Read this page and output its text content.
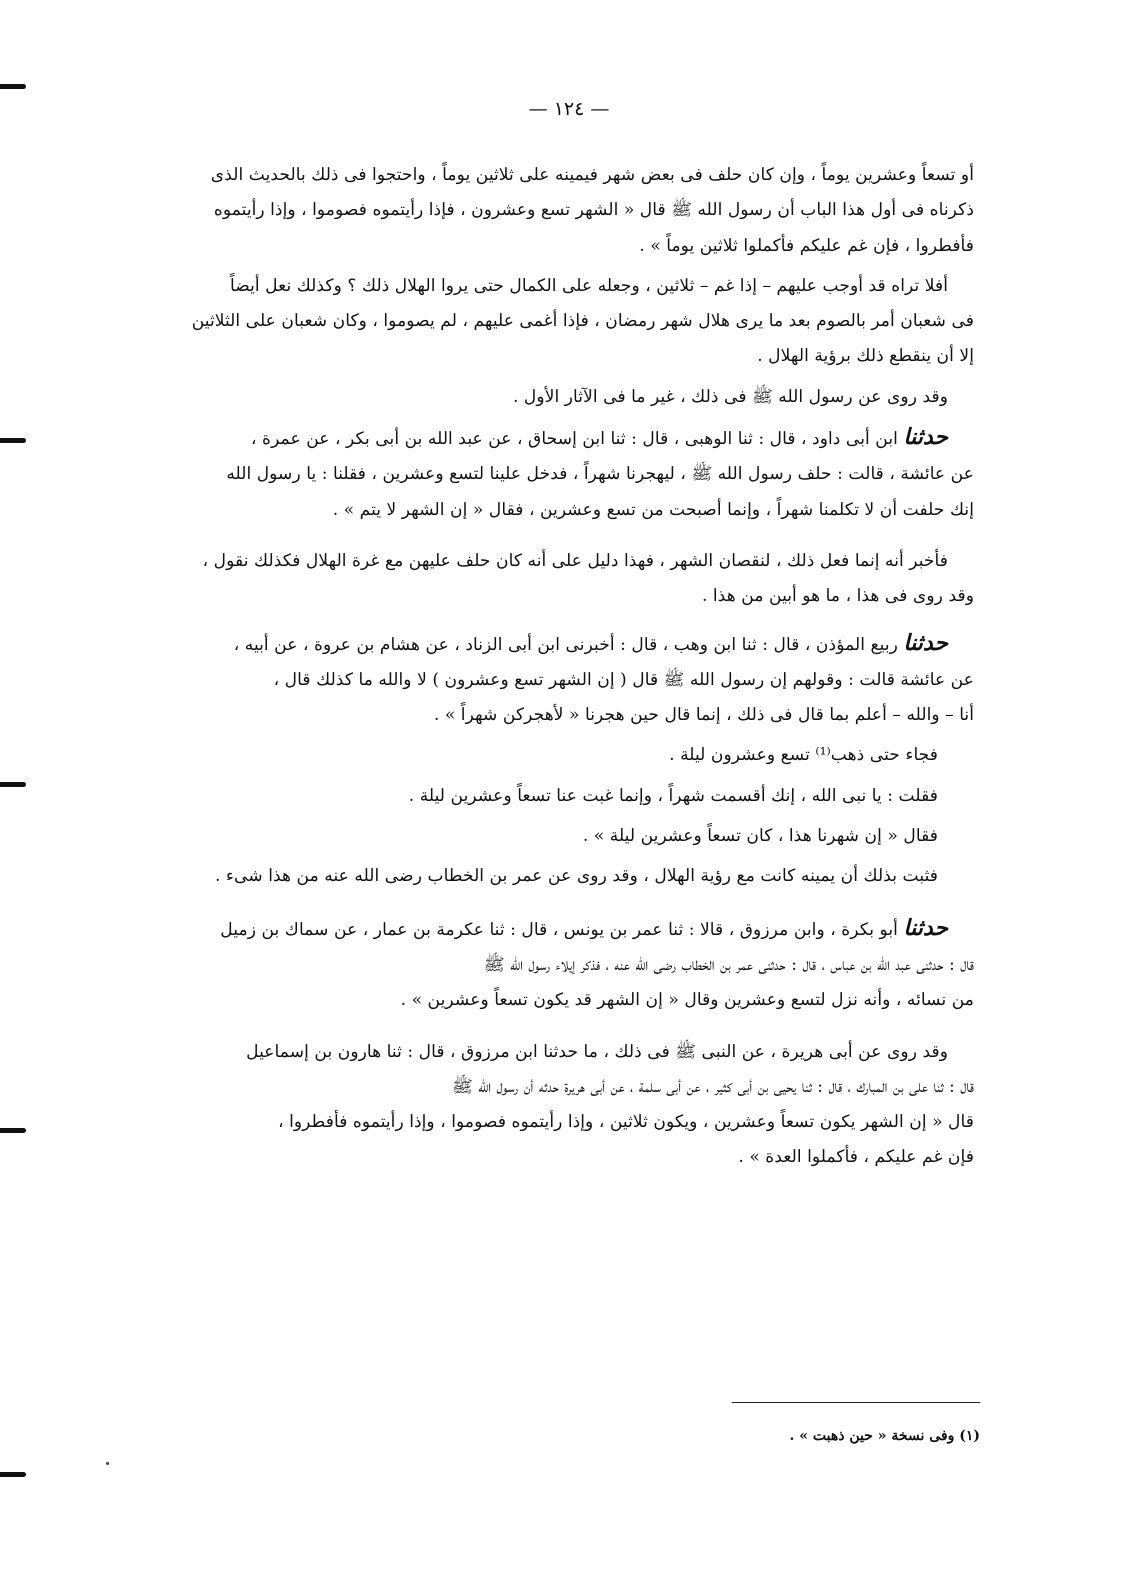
— ١٢٤ —
أو تسعاً وعشرين يوماً ، وإن كان حلف فى بعض شهر فيمينه على ثلاثين يوماً ، واحتجوا فى ذلك بالحديث الذى
ذكرناه فى أول هذا الباب أن رسول الله ﷺ قال « الشهر تسع وعشرون ، فإذا رأيتموه فصوموا ، وإذا رأيتموه
فأفطروا ، فإن غم عليكم فأكملوا ثلاثين يوماً » .
أفلا تراه قد أوجب عليهم – إذا غم – ثلاثين ، وجعله على الكمال حتى يروا الهلال ذلك ؟ وكذلك نعل أيضاً
فى شعبان أمر بالصوم بعد ما يرى هلال شهر رمضان ، فإذا أغمى عليهم ، لم يصوموا ، وكان شعبان على الثلاثين
إلا أن ينقطع ذلك برؤية الهلال .
وقد روى عن رسول الله ﷺ فى ذلك ، غير ما فى الآثار الأول .
حدثنا ابن أبى داود ، قال : ثنا الوهبى ، قال : ثنا ابن إسحاق ، عن عبد الله بن أبى بكر ، عن عمرة ،
عن عائشة ، قالت : حلف رسول الله ﷺ ، ليهجرنا شهراً ، فدخل علينا لتسع وعشرين ، فقلنا : يا رسول الله
إنك حلفت أن لا تكلمنا شهراً ، وإنما أصبحت من تسع وعشرين ، فقال « إن الشهر لا يتم » .
فأخبر أنه إنما فعل ذلك ، لنقصان الشهر ، فهذا دليل على أنه كان حلف عليهن مع غرة الهلال فكذلك نقول ،
وقد روى فى هذا ، ما هو أبين من هذا .
حدثنا ربيع المؤذن ، قال : ثنا ابن وهب ، قال : أخبرنى ابن أبى الزناد ، عن هشام بن عروة ، عن أبيه ،
عن عائشة قالت : وقولهم إن رسول الله ﷺ قال ( إن الشهر تسع وعشرون ) لا والله ما كذلك قال ،
أنا – والله – أعلم بما قال فى ذلك ، إنما قال حين هجرنا « لأهجركن شهراً » .
فجاء حتى ذهب⁽¹⁾ تسع وعشرون ليلة .
فقلت : يا نبى الله ، إنك أقسمت شهراً ، وإنما غبت عنا تسعاً وعشرين ليلة .
فقال « إن شهرنا هذا ، كان تسعاً وعشرين ليلة » .
فثبت بذلك أن يمينه كانت مع رؤية الهلال ، وقد روى عن عمر بن الخطاب رضى الله عنه من هذا شىء .
حدثنا أبو بكرة ، وابن مرزوق ، قالا : ثنا عمر بن يونس ، قال : ثنا عكرمة بن عمار ، عن سماك بن زميل
قال : حدثنى عبد الله بن عباس ، قال : حدثنى عمر بن الخطاب رضى الله عنه ، فذكر إيلاء رسول الله ﷺ
من نسائه ، وأنه نزل لتسع وعشرين وقال « إن الشهر قد يكون تسعاً وعشرين » .
وقد روى عن أبى هريرة ، عن النبى ﷺ فى ذلك ، ما حدثنا ابن مرزوق ، قال : ثنا هارون بن إسماعيل
قال : ثنا على بن المبارك ، قال : ثنا يحيى بن أبى كثير ، عن أبى سلمة ، عن أبى هريرة حدثه أن رسول الله ﷺ
قال « إن الشهر يكون تسعاً وعشرين ، ويكون ثلاثين ، وإذا رأيتموه فصوموا ، وإذا رأيتموه فأفطروا ،
فإن غم عليكم ، فأكملوا العدة » .
(١) وفى نسخة « حين ذهبت » .
